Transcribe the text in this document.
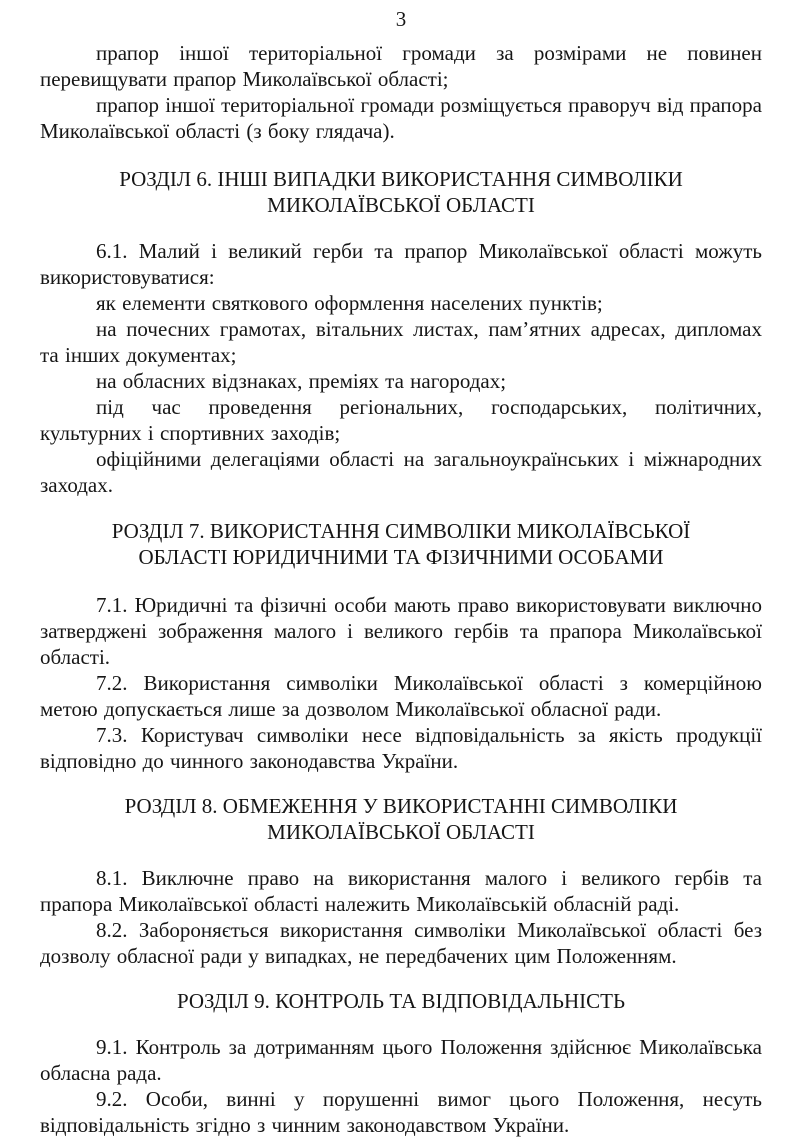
3

прапор іншої територіальної громади за розмірами не повинен перевищувати прапор Миколаївської області;

прапор іншої територіальної громади розміщується праворуч від прапора Миколаївської області (з боку глядача).

РОЗДІЛ 6. ІНШІ ВИПАДКИ ВИКОРИСТАННЯ СИМВОЛІКИ
МИКОЛАЇВСЬКОЇ ОБЛАСТІ

6.1. Малий і великий герби та прапор Миколаївської області можуть використовуватися:

як елементи святкового оформлення населених пунктів;

на почесних грамотах, вітальних листах, пам’ятних адресах, дипломах та інших документах;

на обласних відзнаках, преміях та нагородах;

під час проведення регіональних, господарських, політичних, культурних і спортивних заходів;

офіційними делегаціями області на загальноукраїнських і міжнародних заходах.

РОЗДІЛ 7. ВИКОРИСТАННЯ СИМВОЛІКИ МИКОЛАЇВСЬКОЇ
ОБЛАСТІ ЮРИДИЧНИМИ ТА ФІЗИЧНИМИ ОСОБАМИ

7.1. Юридичні та фізичні особи мають право використовувати виключно затверджені зображення малого і великого гербів та прапора Миколаївської області.

7.2. Використання символіки Миколаївської області з комерційною метою допускається лише за дозволом Миколаївської обласної ради.

7.3. Користувач символіки несе відповідальність за якість продукції відповідно до чинного законодавства України.

РОЗДІЛ 8. ОБМЕЖЕННЯ У ВИКОРИСТАННІ СИМВОЛІКИ
МИКОЛАЇВСЬКОЇ ОБЛАСТІ

8.1. Виключне право на використання малого і великого гербів та прапора Миколаївської області належить Миколаївській обласній раді.

8.2. Забороняється використання символіки Миколаївської області без дозволу обласної ради у випадках, не передбачених цим Положенням.

РОЗДІЛ 9. КОНТРОЛЬ ТА ВІДПОВІДАЛЬНІСТЬ

9.1. Контроль за дотриманням цього Положення здійснює Миколаївська обласна рада.

9.2. Особи, винні у порушенні вимог цього Положення, несуть відповідальність згідно з чинним законодавством України.
